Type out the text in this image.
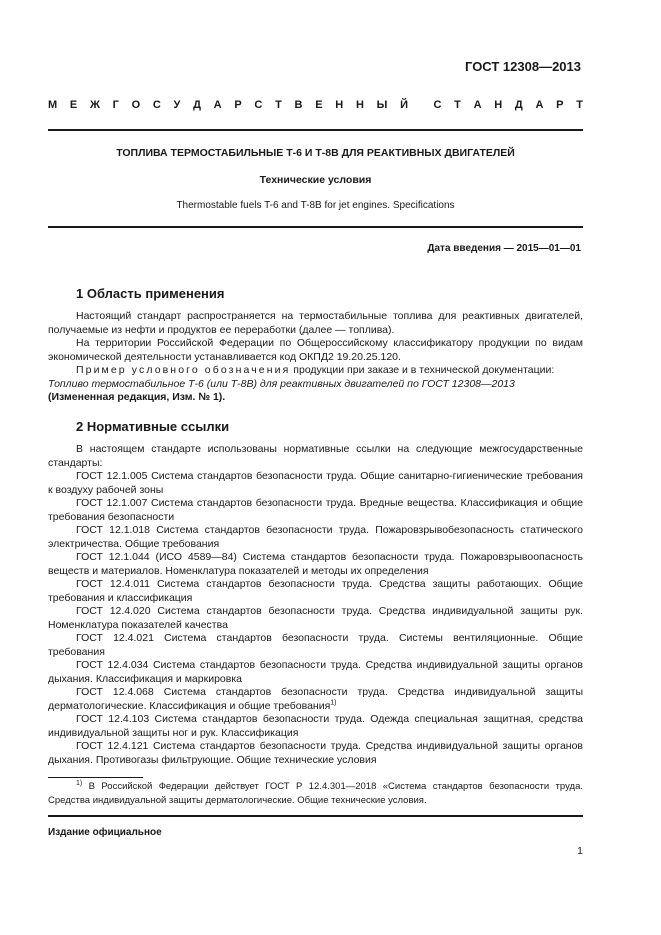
ГОСТ 12308—2013
М Е Ж Г О С У Д А Р С Т В Е Н Н Ы Й С Т А Н Д А Р Т
ТОПЛИВА ТЕРМОСТАБИЛЬНЫЕ Т-6 И Т-8В ДЛЯ РЕАКТИВНЫХ ДВИГАТЕЛЕЙ
Технические условия
Thermostable fuels T-6 and T-8B for jet engines. Specifications
Дата введения — 2015—01—01
1 Область применения

Настоящий стандарт распространяется на термостабильные топлива для реактивных двигателей, получаемые из нефти и продуктов ее переработки (далее — топлива).

На территории Российской Федерации по Общероссийскому классификатору продукции по видам экономической деятельности устанавливается код ОКПД2 19.20.25.120.

Пример условного обозначения продукции при заказе и в технической документации:

Топливо термостабильное Т-6 (или Т-8В) для реактивных двигателей по ГОСТ 12308—2013

(Измененная редакция, Изм. № 1).

2 Нормативные ссылки

В настоящем стандарте использованы нормативные ссылки на следующие межгосударственные стандарты:

ГОСТ 12.1.005 Система стандартов безопасности труда. Общие санитарно-гигиенические требования к воздуху рабочей зоны

ГОСТ 12.1.007 Система стандартов безопасности труда. Вредные вещества. Классификация и общие требования безопасности

ГОСТ 12.1.018 Система стандартов безопасности труда. Пожаровзрывобезопасность статического электричества. Общие требования

ГОСТ 12.1.044 (ИСО 4589—84) Система стандартов безопасности труда. Пожаровзрывоопасность веществ и материалов. Номенклатура показателей и методы их определения

ГОСТ 12.4.011 Система стандартов безопасности труда. Средства защиты работающих. Общие требования и классификация

ГОСТ 12.4.020 Система стандартов безопасности труда. Средства индивидуальной защиты рук. Номенклатура показателей качества

ГОСТ 12.4.021 Система стандартов безопасности труда. Системы вентиляционные. Общие требования

ГОСТ 12.4.034 Система стандартов безопасности труда. Средства индивидуальной защиты органов дыхания. Классификация и маркировка

ГОСТ 12.4.068 Система стандартов безопасности труда. Средства индивидуальной защиты дерматологические. Классификация и общие требования$^{1)}$

ГОСТ 12.4.103 Система стандартов безопасности труда. Одежда специальная защитная, средства индивидуальной защиты ног и рук. Классификация

ГОСТ 12.4.121 Система стандартов безопасности труда. Средства индивидуальной защиты органов дыхания. Противогазы фильтрующие. Общие технические условия

$^{1)}$ В Российской Федерации действует ГОСТ Р 12.4.301—2018 «Система стандартов безопасности труда. Средства индивидуальной защиты дерматологические. Общие технические условия.

Издание официальное
1
